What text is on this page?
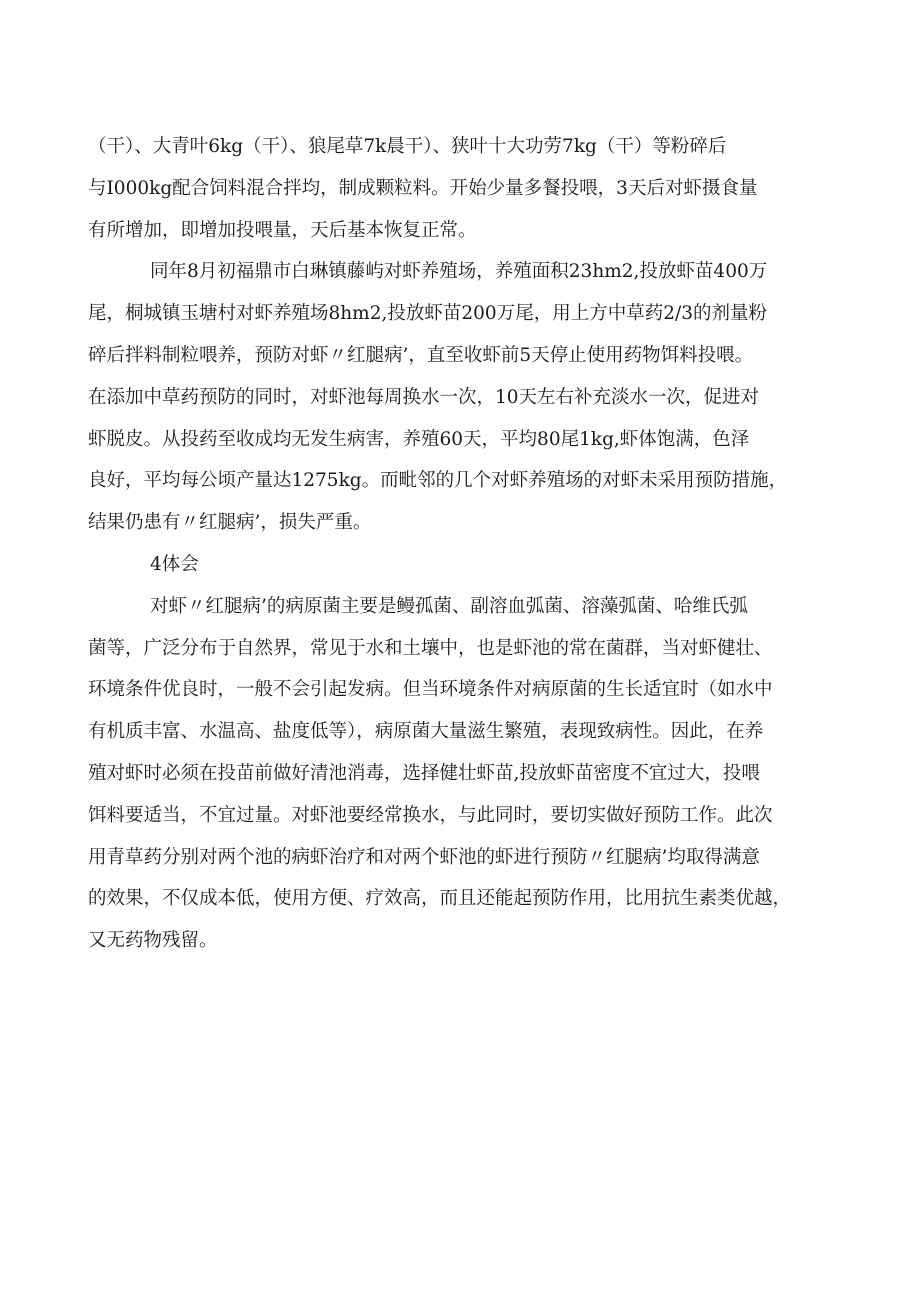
（干）、大青叶6kg（干）、狼尾草7k晨干）、狭叶十大功劳7kg（干）等粉碎后
与I000kg配合饲料混合拌均，制成颗粒料。开始少量多餐投喂，3天后对虾摄食量
有所增加，即增加投喂量，天后基本恢复正常。
同年8月初福鼎市白琳镇藤屿对虾养殖场，养殖面积23hm2,投放虾苗400万
尾，桐城镇玉塘村对虾养殖场8hm2,投放虾苗200万尾，用上方中草药2/3的剂量粉
碎后拌料制粒喂养，预防对虾〃红腿病’，直至收虾前5天停止使用药物饵料投喂。
在添加中草药预防的同时，对虾池每周换水一次，10天左右补充淡水一次，促进对
虾脱皮。从投药至收成均无发生病害，养殖60天，平均80尾1kg,虾体饱满，色泽
良好，平均每公顷产量达1275kg。而毗邻的几个对虾养殖场的对虾未采用预防措施，
结果仍患有〃红腿病’，损失严重。
4体会
对虾〃红腿病’的病原菌主要是鳗孤菌、副溶血弧菌、溶藻弧菌、哈维氏弧
菌等，广泛分布于自然界，常见于水和土壤中，也是虾池的常在菌群，当对虾健壮、
环境条件优良时，一般不会引起发病。但当环境条件对病原菌的生长适宜时（如水中
有机质丰富、水温高、盐度低等），病原菌大量滋生繁殖，表现致病性。因此，在养
殖对虾时必须在投苗前做好清池消毒，选择健壮虾苗,投放虾苗密度不宜过大，投喂
饵料要适当，不宜过量。对虾池要经常换水，与此同时，要切实做好预防工作。此次
用青草药分别对两个池的病虾治疗和对两个虾池的虾进行预防〃红腿病’均取得满意
的效果，不仅成本低，使用方便、疗效高，而且还能起预防作用，比用抗生素类优越，
又无药物残留。
